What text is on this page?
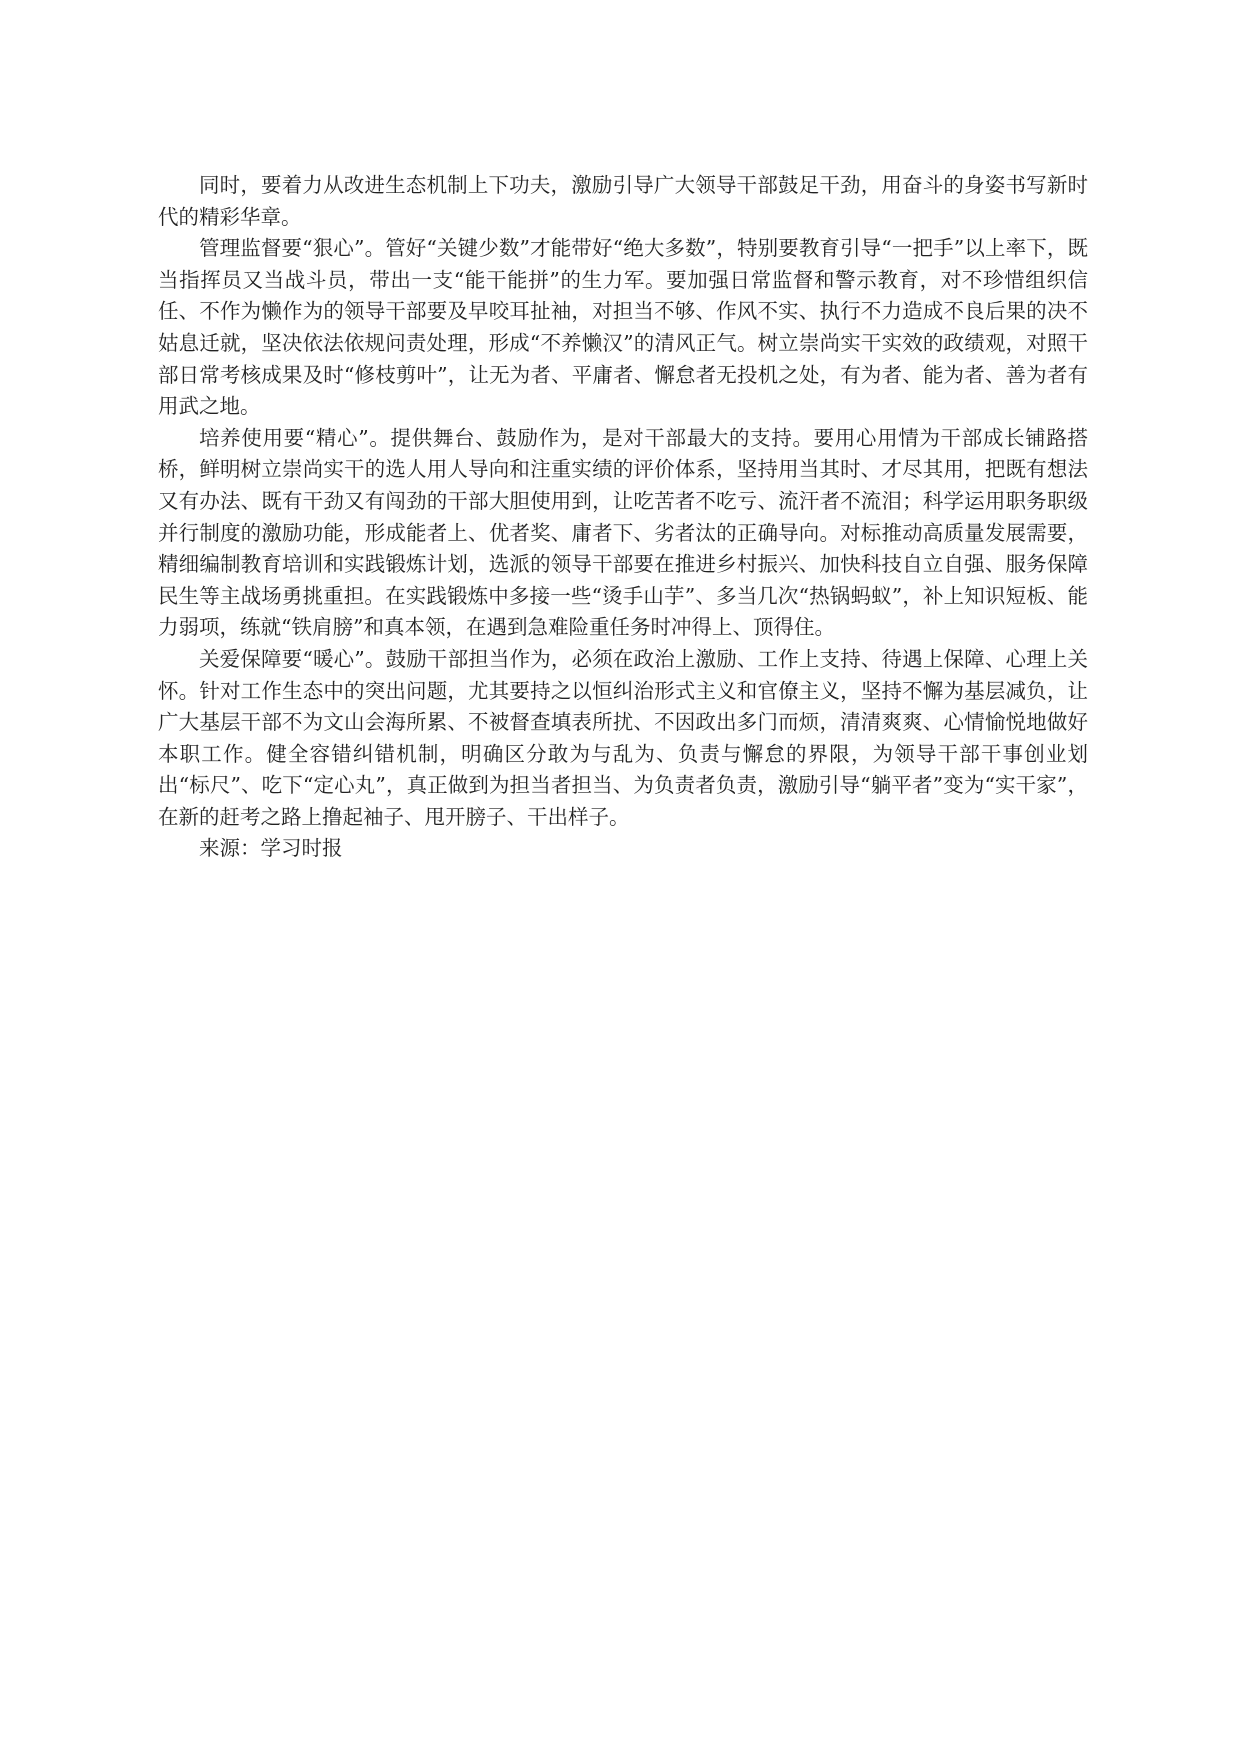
同时，要着力从改进生态机制上下功夫，激励引导广大领导干部鼓足干劲，用奋斗的身姿书写新时代的精彩华章。

管理监督要“狠心”。管好“关键少数”才能带好“绝大多数”，特别要教育引导“一把手”以上率下，既当指挥员又当战斗员，带出一支“能干能拼”的生力军。要加强日常监督和警示教育，对不珍惜组织信任、不作为懒作为的领导干部要及早咬耳扯袖，对担当不够、作风不实、执行不力造成不良后果的决不姑息迁就，坚决依法依规问责处理，形成“不养懒汉”的清风正气。树立崇尚实干实效的政绩观，对照干部日常考核成果及时“修枝剪叶”，让无为者、平庸者、懈怠者无投机之处，有为者、能为者、善为者有用武之地。

培养使用要“精心”。提供舞台、鼓励作为，是对干部最大的支持。要用心用情为干部成长铺路搭桥，鲜明树立崇尚实干的选人用人导向和注重实绩的评价体系，坚持用当其时、才尽其用，把既有想法又有办法、既有干劲又有闯劲的干部大胆使用到，让吃苦者不吃亏、流汗者不流泪；科学运用职务职级并行制度的激励功能，形成能者上、优者奖、庸者下、劣者汰的正确导向。对标推动高质量发展需要，精细编制教育培训和实践锻炼计划，选派的领导干部要在推进乡村振兴、加快科技自立自强、服务保障民生等主战场勇挑重担。在实践锻炼中多接一些“烫手山芋”、多当几次“热锅蚂蚁”，补上知识短板、能力弱项，练就“铁肩膀”和真本领，在遇到急难险重任务时冲得上、顶得住。

关爱保障要“暖心”。鼓励干部担当作为，必须在政治上激励、工作上支持、待遇上保障、心理上关怀。针对工作生态中的突出问题，尤其要持之以恒纠治形式主义和官僚主义，坚持不懈为基层减负，让广大基层干部不为文山会海所累、不被督查填表所扰、不因政出多门而烦，清清爽爽、心情愉悦地做好本职工作。健全容错纠错机制，明确区分敢为与乱为、负责与懈怠的界限，为领导干部干事创业划出“标尺”、吃下“定心丸”，真正做到为担当者担当、为负责者负责，激励引导“躺平者”变为“实干家”，在新的赶考之路上撸起袖子、甩开膀子、干出样子。

来源：学习时报
